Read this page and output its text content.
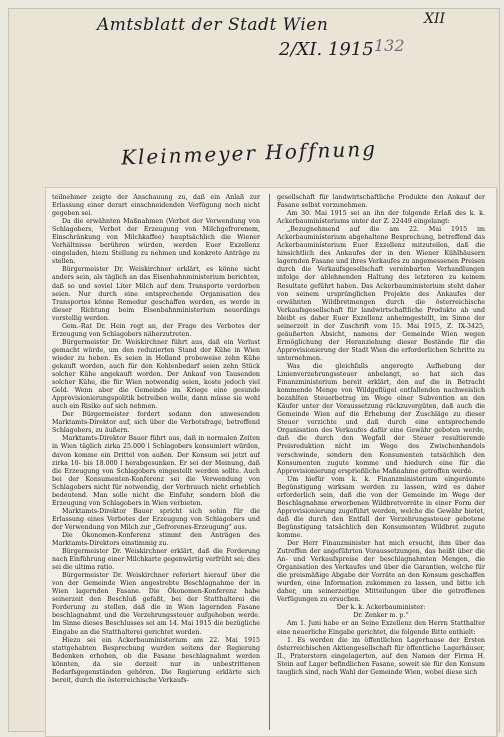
Amtsblatt der Stadt Wien	XII
2/XI. 1915 132
Kleinmeyer Hoffnung

teilnehmer zeigte der Anschauung zu, daß ein Anlaß zur Erlassung einer derart einschneidenden Verfügung noch nicht gegeben sei.

Da die erwähnten Maßnahmen (Verbot der Verwendung von Schlagobers, Verbot der Erzeugung von Milchgefrorenem, Einschränkung von Milchkaffee) hauptsächlich die Wiener Verhältnisse berühren würden, werden Euer Exzellenz eingeladen, hiezu Stellung zu nehmen und konkrete Anträge zu stellen.

Bürgermeister Dr. Weiskirchner erklärt, es könne nicht anders sein, als täglich an das Eisenbahnministerium berichten, daß so und soviel Liter Milch auf dem Transporte verdorben seien. Nur durch eine entsprechende Organisation des Transportes könne Remedur geschaffen werden, es werde in dieser Richtung beim Eisenbahnministerium neuerdings vorstellig werden.

Gem.-Rat Dr. Hein regt an, der Frage des Verbotes der Erzeugung von Schlagobers näherzutreten.

Bürgermeister Dr. Weiskirchner führt aus, daß ein Verlust gemacht würde, um den reduzierten Stand der Kühe in Wien wieder zu heben. Es seien in Holland probeweise zehn Kühe gekauft worden, auch für den Kohlenbedarf seien zehn Stück solcher Kühe angekauft worden. Der Ankauf von Tausenden solcher Kühe, die für Wien notwendig seien, koste jedoch viel Geld. Wenn aber die Gemeinde im Kriege eine gesunde Approvisionierungspolitik betreiben wolle, dann müsse sie wohl auch ein Risiko auf sich nehmen.

Der Bürgermeister fordert sodann den anwesenden Marktamts-Direktor auf, sich über die Verbotsfrage, betreffend Schlagobers, zu äußern.

Marktamts-Direktor Bauer führt aus, daß in normalen Zeiten in Wien täglich zirka 25.000 l Schlagobers konsumiert würden, davon komme ein Drittel von außen. Der Konsum sei jetzt auf zirka 10- bis 18.000 l herabgesunken. Er sei der Meinung, daß die Erzeugung von Schlagobers eingestellt werden sollte. Auch bei der Konsumenten-Konferenz sei die Verwendung von Schlagobers nicht für notwendig, der Verbrauch nicht erheblich bedeutend. Man solle nicht die Einfuhr, sondern bloß die Erzeugung von Schlagobers in Wien verbieten.

Marktamts-Direktor Bauer spricht sich sohin für die Erlassung eines Verbotes der Erzeugung von Schlagobers und der Verwendung von Milch zur „Gefrorenes-Erzeugung“ aus.

Die Ökonomen-Konferenz stimmt den Anträgen des Marktamts-Direktors einstimmig zu.

Bürgermeister Dr. Weiskirchner erklärt, daß die Forderung nach Einführung einer Milchkarte gegenwärtig verfrüht sei; dies sei die ultima ratio.

Bürgermeister Dr. Weiskirchner referiert hierauf über die von der Gemeinde Wien angestrebte Beschlagnahme der in Wien lagernden Fasane. Die Ökonomen-Konferenz habe seinerzeit den Beschluß gefaßt, bei der Statthalterei die Forderung zu stellen, daß die in Wien lagernden Fasane beschlagnahmt und die Verzehrungssteuer aufgehoben werde. Im Sinne dieses Beschlusses sei am 14. Mai 1915 die bezügliche Eingabe an die Statthalterei gerichtet worden.

Hiezu sei ein Ackerbauministerium am 22. Mai 1915 stattgehabten Besprechung wurden seitens der Regierung Bedenken erhoben, ob die Fasane beschlagnahmt werden könnten, da sie derzeit nur in unbestrittenen Bedarfsgegenständen gehören. Die Regierung erklärte sich bereit, durch die österreichische Verkaufs-

gesellschaft für landwirtschaftliche Produkte den Ankauf der Fasane selbst vorzunehmen.

Am 30. Mai 1915 sei an ihn der folgende Erlaß des k. k. Ackerbauministeriums unter der Z. 22449 eingelangt:

„Bezugnehmend auf die am 22. Mai 1915 im Ackerbauministerium abgehaltene Besprechung, betreffend das Ackerbauministerium Euer Exzellenz mitzuteilen, daß die hinsichtlich des Ankaufes der in den Wiener Kühlhäusern lagernden Fasane und ihres Verkaufes zu angemessenen Preisen durch die Verkaufsgesellschaft vereinbarten Verhandlungen infolge der ablehnenden Haltung des letzteren zu keinem Resultate geführt haben. Das Ackerbauministerium steht daher von seinem ursprünglichen Projekte des Ankaufes der erwähnten Wildbretmengen durch die österreichische Verkaufsgesellschaft für landwirtschaftliche Produkte ab und bleibt es daher Euer Exzellenz anheimgestellt, im Sinne der seinerzeit in der Zuschrift vom 15. Mai 1915, Z. IX-3425, geäußerten Absicht, namens der Gemeinde Wien wegen Ermöglichung der Heranziehung dieser Bestände für die Approvisionierung der Stadt Wien die erforderlichen Schritte zu unternehmen.

Was die gleichfalls angeregte Aufhebung der Linienverzehrungssteuer anbelangt, so hat sich das Finanzministerium bereit erklärt, den auf die in Betracht kommende Menge von Wildgeflügel entfallenden nachweislich bezahlten Steuerbetrag im Wege einer Subvention an den Käufer unter der Voraussetzung rückzuvergüten, daß auch die Gemeinde Wien auf die Erhebung der Zuschläge zu dieser Steuer verzichte und daß durch eine entsprechende Organisation des Verkaufes dafür eine Gewähr geboten werde, daß die durch den Wegfall der Steuer resultierende Preisreduktion nicht im Wege des Zwischenhandels verschwinde, sondern den Konsumenten tatsächlich den Konsumenten zugute komme und hiedurch eine für die Approvisionierung ersprießliche Maßnahme getroffen werde.

Um hiefür vom k. k. Finanzministerium eingeräumte Begünstigung wirksam werden zu lassen, wird es daher erforderlich sein, daß die von der Gemeinde im Wege der Beschlagnahme erworbenen Wildbretvorräte in einer Form der Approvisionierung zugeführt werden, welche die Gewähr bietet, daß die durch den Entfall der Verzehrungssteuer gebotene Begünstigung tatsächlich den Konsumenten Wildbret zugute komme.

Der Herr Finanzminister hat mich ersucht, ihm über das Zutreffen der angeführten Voraussetzungen, das heißt über die An- und Verkaufspreise der beschlagnahmten Mengen, die Organisation des Verkaufes und über die Garantien, welche für die preismäßige Abgabe der Vorräte an den Konsum geschaffen wurden, eine Information zukommen zu lassen, und bitte ich daher, um seinerzeitige Mitteilungen über die getroffenen Verfügungen zu ersuchen.

Der k. k. Ackerbauminister:

Dr. Zenker m. p.“

Am 1. Juni habe er an Seine Exzellenz den Herrn Statthalter eine neuerliche Eingabe gerichtet, die folgende Bitte enthielt:

1. Es werden die im öffentlichen Lagerhause der Ersten österreichischen Aktiengesellschaft für öffentliche Lagerhäuser, II., Praterstern eingelagerten, auf den Namen der Firma H. Stein auf Lager befindlichen Fasane, soweit sie für den Konsum tauglich sind, nach Wahl der Gemeinde Wien, wobei diese sich
